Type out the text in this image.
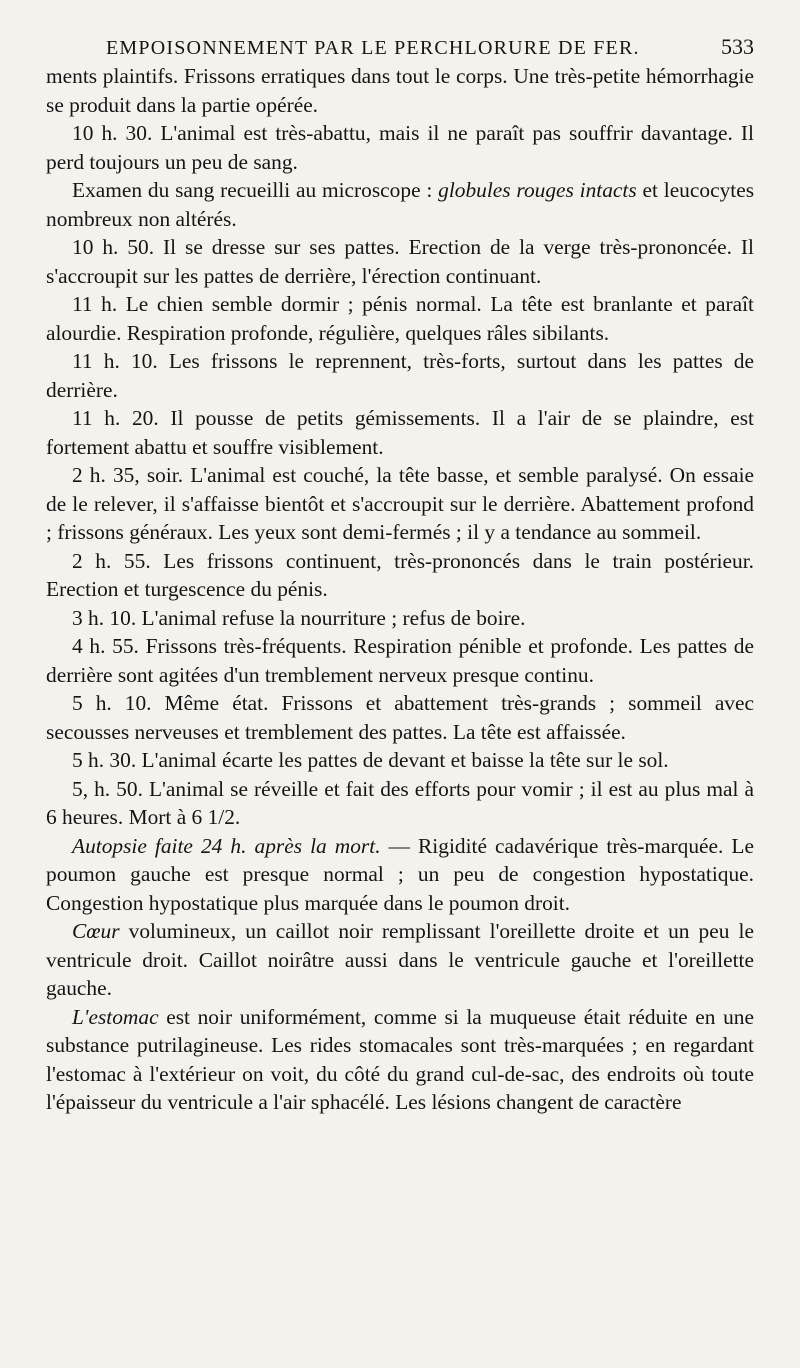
EMPOISONNEMENT PAR LE PERCHLORURE DE FER.	533

ments plaintifs. Frissons erratiques dans tout le corps. Une très-petite hémorrhagie se produit dans la partie opérée.

10 h. 30. L'animal est très-abattu, mais il ne paraît pas souffrir davantage. Il perd toujours un peu de sang.

Examen du sang recueilli au microscope : globules rouges intacts et leucocytes nombreux non altérés.

10 h. 50. Il se dresse sur ses pattes. Erection de la verge très-prononcée. Il s'accroupit sur les pattes de derrière, l'érection continuant.

11 h. Le chien semble dormir ; pénis normal. La tête est branlante et paraît alourdie. Respiration profonde, régulière, quelques râles sibilants.

11 h. 10. Les frissons le reprennent, très-forts, surtout dans les pattes de derrière.

11 h. 20. Il pousse de petits gémissements. Il a l'air de se plaindre, est fortement abattu et souffre visiblement.

2 h. 35, soir. L'animal est couché, la tête basse, et semble paralysé. On essaie de le relever, il s'affaisse bientôt et s'accroupit sur le derrière. Abattement profond ; frissons généraux. Les yeux sont demi-fermés ; il y a tendance au sommeil.

2 h. 55. Les frissons continuent, très-prononcés dans le train postérieur. Erection et turgescence du pénis.

3 h. 10. L'animal refuse la nourriture ; refus de boire.

4 h. 55. Frissons très-fréquents. Respiration pénible et profonde. Les pattes de derrière sont agitées d'un tremblement nerveux presque continu.

5 h. 10. Même état. Frissons et abattement très-grands ; sommeil avec secousses nerveuses et tremblement des pattes. La tête est affaissée.

5 h. 30. L'animal écarte les pattes de devant et baisse la tête sur le sol.

5, h. 50. L'animal se réveille et fait des efforts pour vomir ; il est au plus mal à 6 heures. Mort à 6 1/2.

Autopsie faite 24 h. après la mort. — Rigidité cadavérique très-marquée. Le poumon gauche est presque normal ; un peu de congestion hypostatique. Congestion hypostatique plus marquée dans le poumon droit.

Cœur volumineux, un caillot noir remplissant l'oreillette droite et un peu le ventricule droit. Caillot noirâtre aussi dans le ventricule gauche et l'oreillette gauche.

L'estomac est noir uniformément, comme si la muqueuse était réduite en une substance putrilagineuse. Les rides stomacales sont très-marquées ; en regardant l'estomac à l'extérieur on voit, du côté du grand cul-de-sac, des endroits où toute l'épaisseur du ventricule a l'air sphacélé. Les lésions changent de caractère
